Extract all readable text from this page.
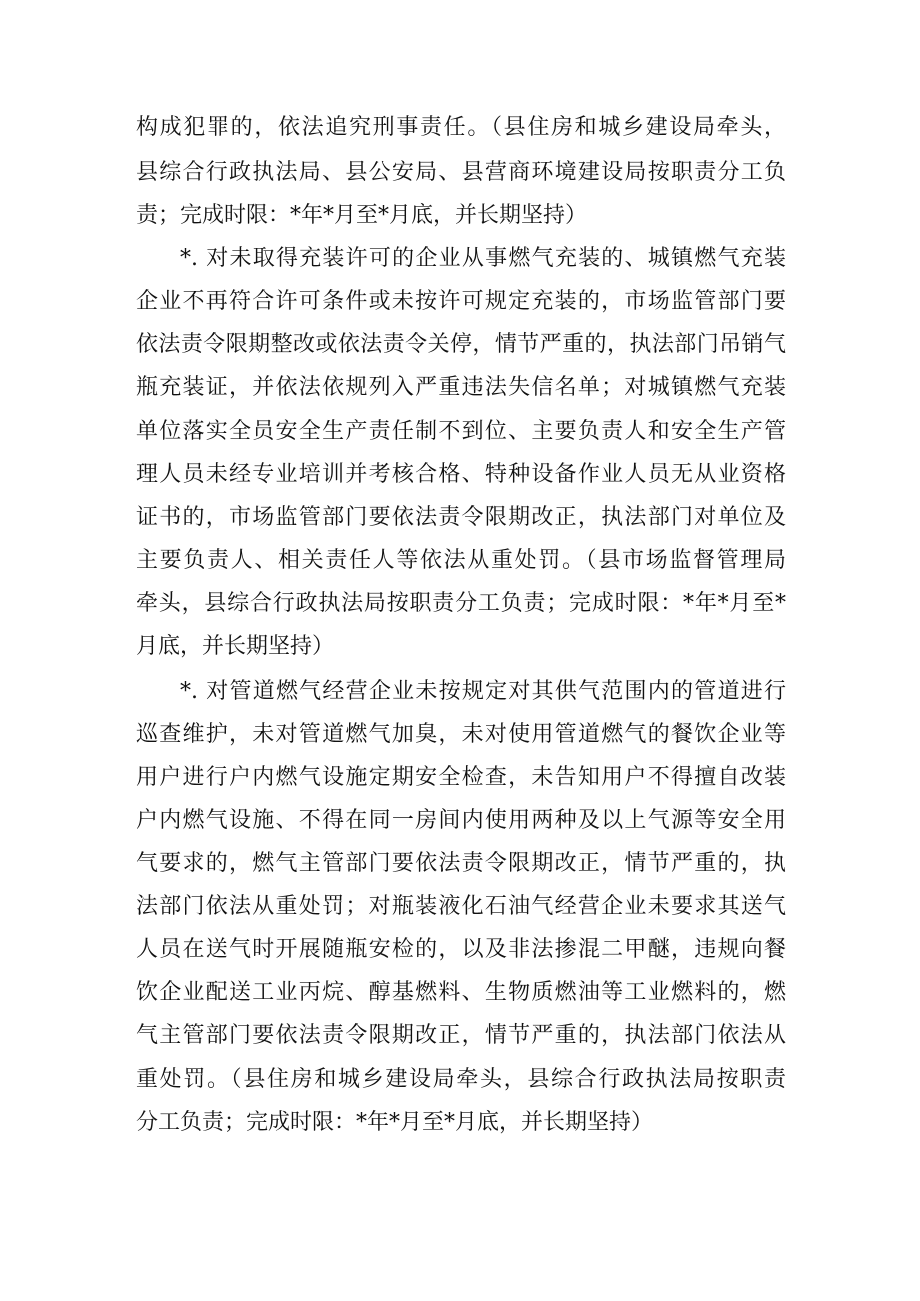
构成犯罪的，依法追究刑事责任。（县住房和城乡建设局牵头，
县综合行政执法局、县公安局、县营商环境建设局按职责分工负
责；完成时限：*年*月至*月底，并长期坚持）
*. 对未取得充装许可的企业从事燃气充装的、城镇燃气充装
企业不再符合许可条件或未按许可规定充装的，市场监管部门要
依法责令限期整改或依法责令关停，情节严重的，执法部门吊销气
瓶充装证，并依法依规列入严重违法失信名单；对城镇燃气充装
单位落实全员安全生产责任制不到位、主要负责人和安全生产管
理人员未经专业培训并考核合格、特种设备作业人员无从业资格
证书的，市场监管部门要依法责令限期改正，执法部门对单位及
主要负责人、相关责任人等依法从重处罚。（县市场监督管理局
牵头，县综合行政执法局按职责分工负责；完成时限：*年*月至*
月底，并长期坚持）
*. 对管道燃气经营企业未按规定对其供气范围内的管道进行
巡查维护，未对管道燃气加臭，未对使用管道燃气的餐饮企业等
用户进行户内燃气设施定期安全检查，未告知用户不得擅自改装
户内燃气设施、不得在同一房间内使用两种及以上气源等安全用
气要求的，燃气主管部门要依法责令限期改正，情节严重的，执
法部门依法从重处罚；对瓶装液化石油气经营企业未要求其送气
人员在送气时开展随瓶安检的，以及非法掺混二甲醚，违规向餐
饮企业配送工业丙烷、醇基燃料、生物质燃油等工业燃料的，燃
气主管部门要依法责令限期改正，情节严重的，执法部门依法从
重处罚。（县住房和城乡建设局牵头，县综合行政执法局按职责
分工负责；完成时限：*年*月至*月底，并长期坚持）
